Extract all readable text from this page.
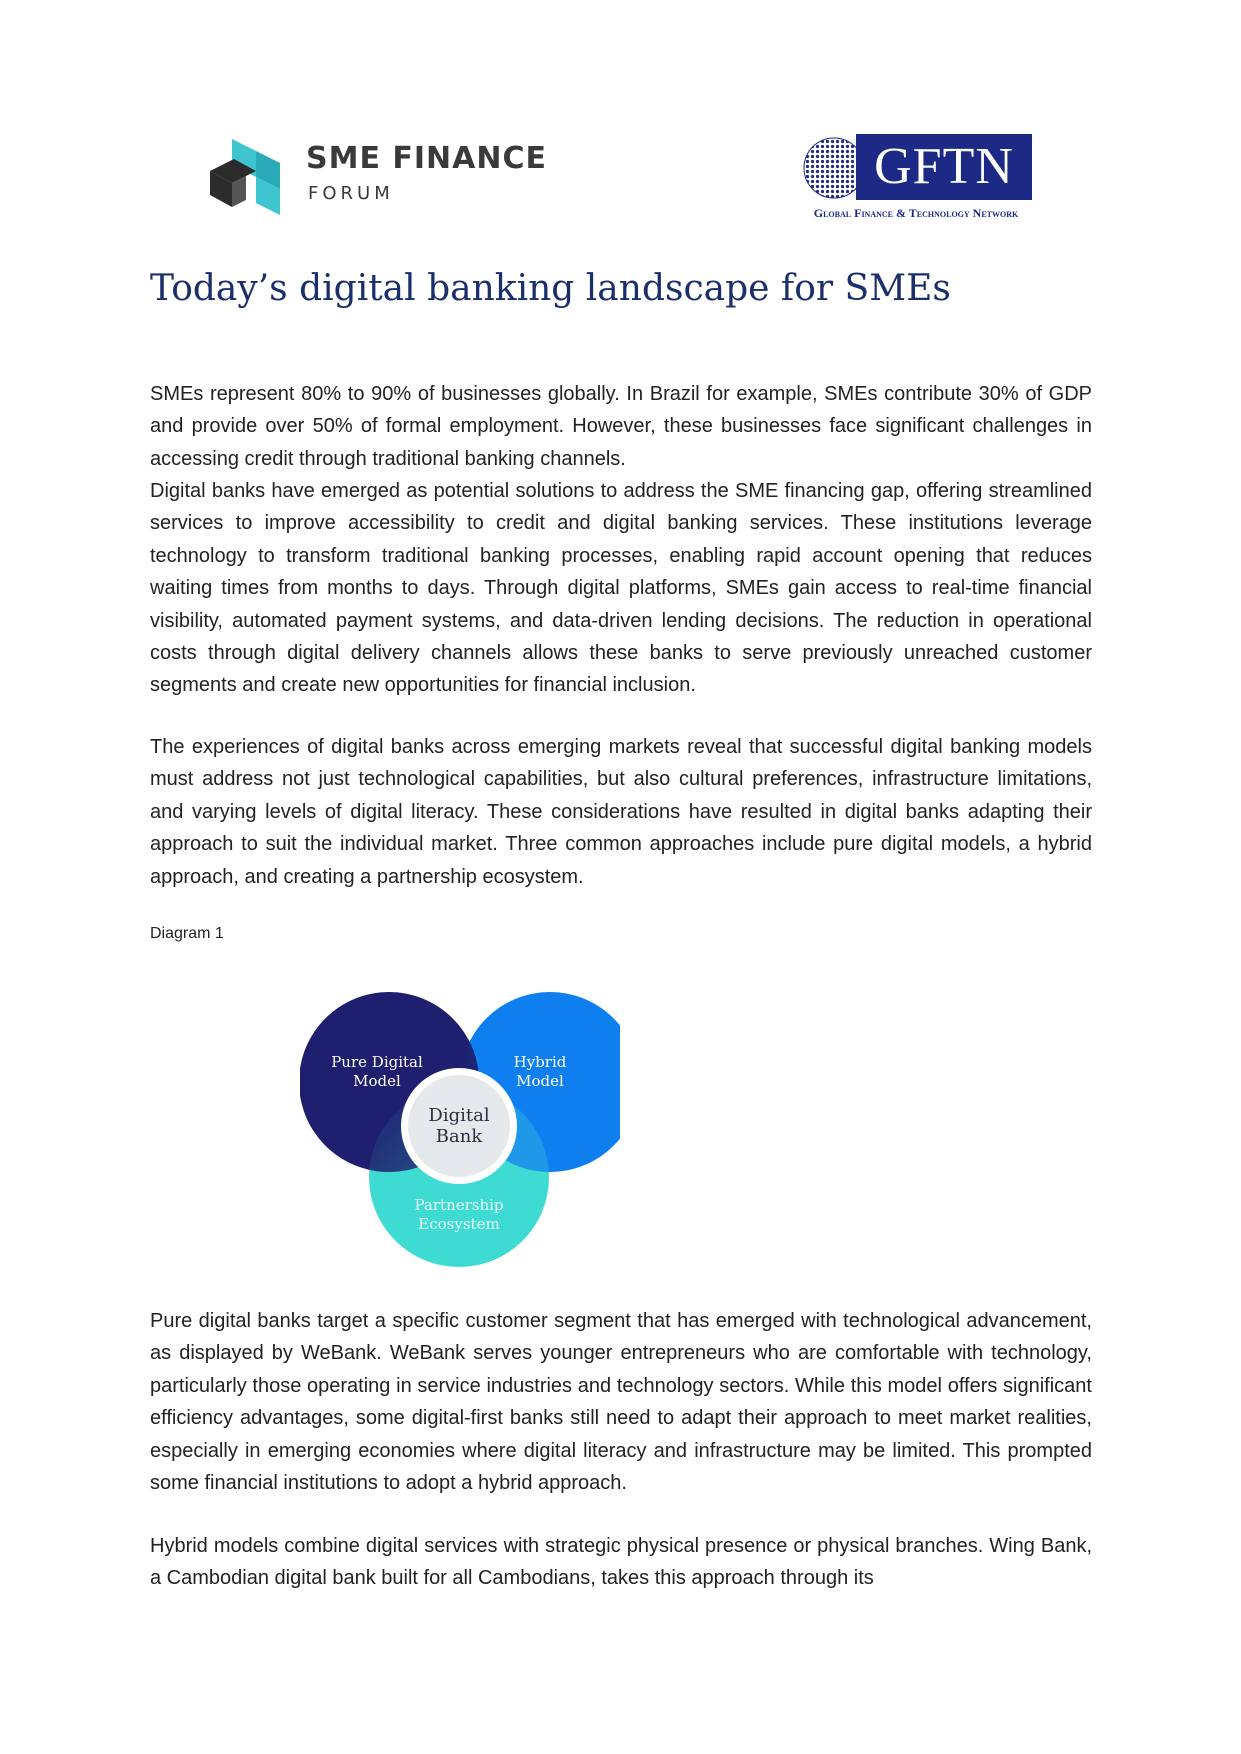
SME FINANCE
FORUM	GFTN
Global Finance & Technology Network
Today’s digital banking landscape for SMEs

SMEs represent 80% to 90% of businesses globally. In Brazil for example, SMEs contribute 30% of GDP and provide over 50% of formal employment. However, these businesses face significant challenges in accessing credit through traditional banking channels.

Digital banks have emerged as potential solutions to address the SME financing gap, offering streamlined services to improve accessibility to credit and digital banking services. These institutions leverage technology to transform traditional banking processes, enabling rapid account opening that reduces waiting times from months to days. Through digital platforms, SMEs gain access to real-time financial visibility, automated payment systems, and data-driven lending decisions. The reduction in operational costs through digital delivery channels allows these banks to serve previously unreached customer segments and create new opportunities for financial inclusion.

The experiences of digital banks across emerging markets reveal that successful digital banking models must address not just technological capabilities, but also cultural preferences, infrastructure limitations, and varying levels of digital literacy. These considerations have resulted in digital banks adapting their approach to suit the individual market. Three common approaches include pure digital models, a hybrid approach, and creating a partnership ecosystem.

Diagram 1
Pure Digital
Model
Hybrid
Model
Digital
Bank
Partnership
Ecosystem

Pure digital banks target a specific customer segment that has emerged with technological advancement, as displayed by WeBank. WeBank serves younger entrepreneurs who are comfortable with technology, particularly those operating in service industries and technology sectors. While this model offers significant efficiency advantages, some digital-first banks still need to adapt their approach to meet market realities, especially in emerging economies where digital literacy and infrastructure may be limited. This prompted some financial institutions to adopt a hybrid approach.

Hybrid models combine digital services with strategic physical presence or physical branches. Wing Bank, a Cambodian digital bank built for all Cambodians, takes this approach through its
